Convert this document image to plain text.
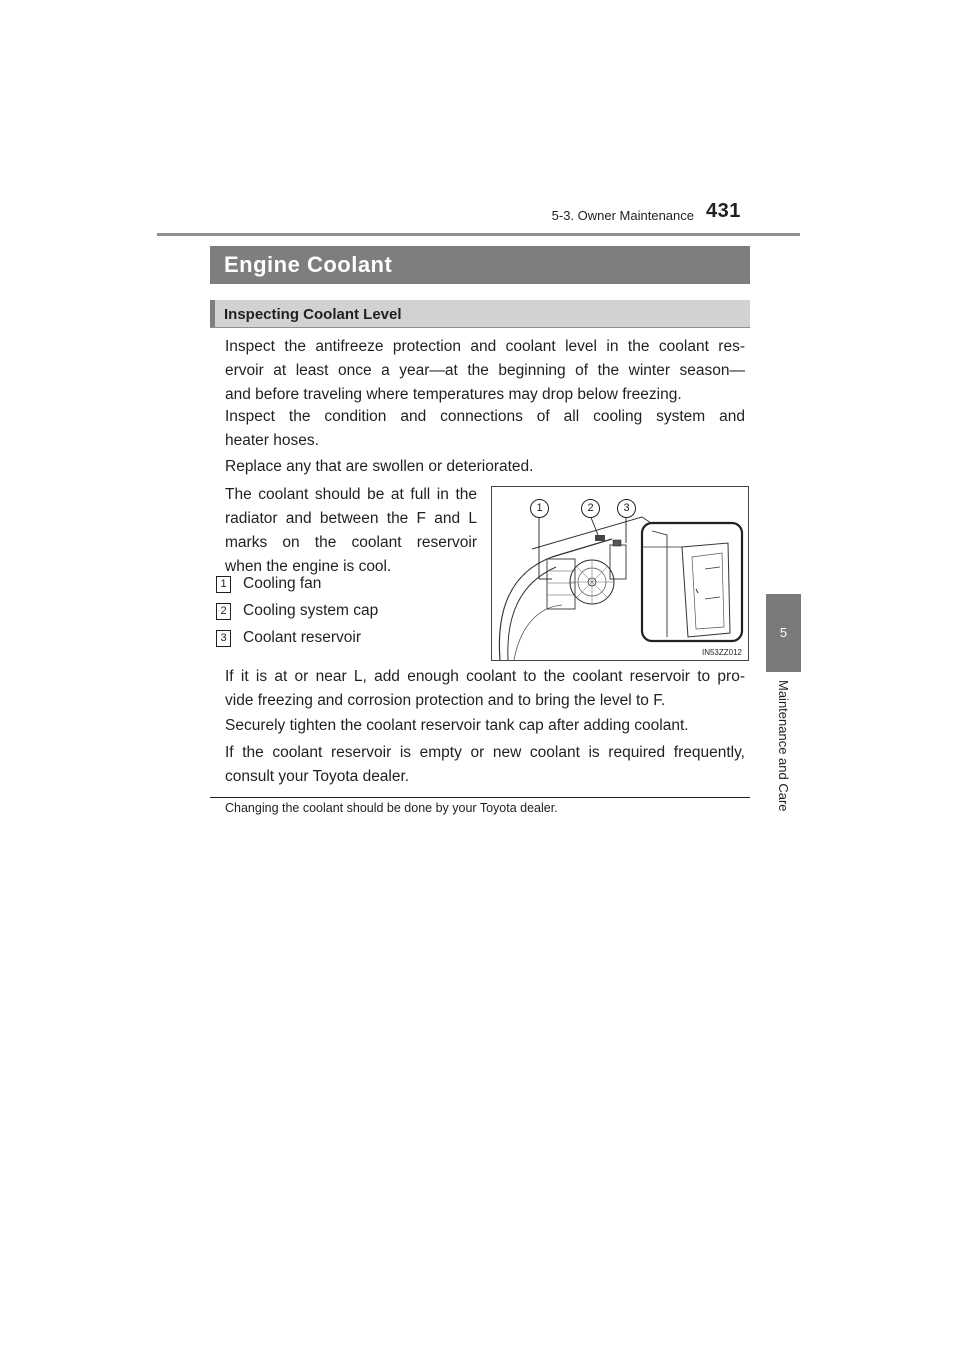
5-3. Owner Maintenance 431
5
Maintenance and Care
Engine Coolant
Inspecting Coolant Level
Inspect the antifreeze protection and coolant level in the coolant res-
ervoir at least once a year—at the beginning of the winter season—
and before traveling where temperatures may drop below freezing.
Inspect the condition and connections of all cooling system and
heater hoses.
Replace any that are swollen or deteriorated.
The coolant should be at full in the
radiator and between the F and L
marks on the coolant reservoir
when the engine is cool.
1 Cooling fan
2 Cooling system cap
3 Coolant reservoir
1	2	3
IN53ZZ012
If it is at or near L, add enough coolant to the coolant reservoir to pro-
vide freezing and corrosion protection and to bring the level to F.
Securely tighten the coolant reservoir tank cap after adding coolant.
If the coolant reservoir is empty or new coolant is required frequently,
consult your Toyota dealer.
Changing the coolant should be done by your Toyota dealer.
